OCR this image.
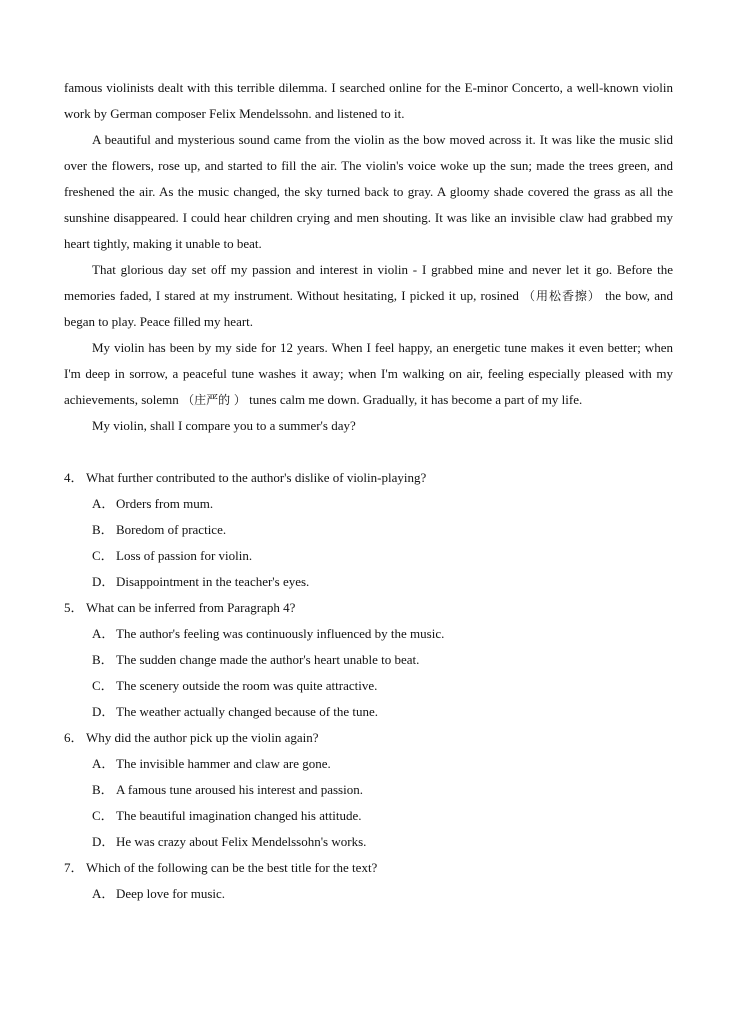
famous violinists dealt with this terrible dilemma. I searched online for the E-minor Concerto, a well-known violin work by German composer Felix Mendelssohn. and listened to it.

A beautiful and mysterious sound came from the violin as the bow moved across it. It was like the music slid over the flowers, rose up, and started to fill the air. The violin's voice woke up the sun; made the trees green, and freshened the air. As the music changed, the sky turned back to gray. A gloomy shade covered the grass as all the sunshine disappeared. I could hear children crying and men shouting. It was like an invisible claw had grabbed my heart tightly, making it unable to beat.

That glorious day set off my passion and interest in violin - I grabbed mine and never let it go. Before the memories faded, I stared at my instrument. Without hesitating, I picked it up, rosined （用松香擦） the bow, and began to play. Peace filled my heart.

My violin has been by my side for 12 years. When I feel happy, an energetic tune makes it even better; when I'm deep in sorrow, a peaceful tune washes it away; when I'm walking on air, feeling especially pleased with my achievements, solemn （庄严的 ） tunes calm me down. Gradually, it has become a part of my life.

My violin, shall I compare you to a summer's day?

4． What further contributed to the author's dislike of violin-playing?

A． Orders from mum.

B． Boredom of practice.

C． Loss of passion for violin.

D． Disappointment in the teacher's eyes.

5． What can be inferred from Paragraph 4?

A． The author's feeling was continuously influenced by the music.

B． The sudden change made the author's heart unable to beat.

C． The scenery outside the room was quite attractive.

D． The weather actually changed because of the tune.

6． Why did the author pick up the violin again?

A． The invisible hammer and claw are gone.

B． A famous tune aroused his interest and passion.

C． The beautiful imagination changed his attitude.

D． He was crazy about Felix Mendelssohn's works.

7． Which of the following can be the best title for the text?

A． Deep love for music.
